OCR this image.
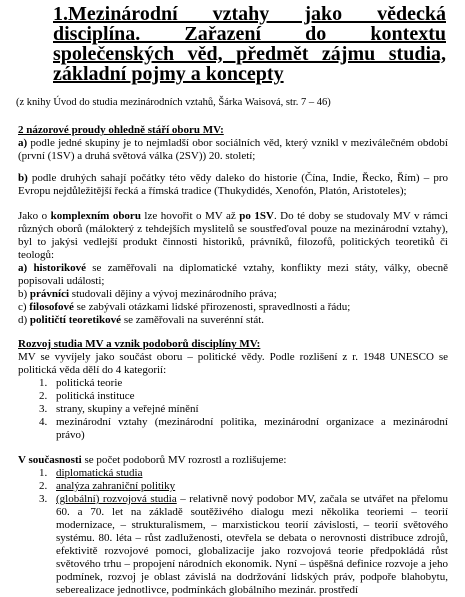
1.Mezinárodní vztahy jako vědecká disciplína. Zařazení do kontextu společenských věd, předmět zájmu studia, základní pojmy a koncepty
(z knihy Úvod do studia mezinárodních vztahů, Šárka Waisová, str. 7 – 46)

2 názorové proudy ohledně stáří oboru MV:

a) podle jedné skupiny je to nejmladší obor sociálních věd, který vznikl v meziválečném období (první (1SV) a druhá světová válka (2SV)) 20. století;

b) podle druhých sahají počátky této vědy daleko do historie (Čína, Indie, Řecko, Řím) – pro Evropu nejdůležitější řecká a římská tradice (Thukydidés, Xenofón, Platón, Aristoteles);

Jako o komplexním oboru lze hovořit o MV až po 1SV. Do té doby se studovaly MV v rámci různých oborů (málokterý z tehdejších myslitelů se soustřeďoval pouze na mezinárodní vztahy), byl to jakýsi vedlejší produkt činnosti historiků, právníků, filozofů, politických teoretiků či teologů:

a) historikové se zaměřovali na diplomatické vztahy, konflikty mezi státy, války, obecně popisovali události;

b) právníci studovali dějiny a vývoj mezinárodního práva;

c) filosofové se zabývali otázkami lidské přirozenosti, spravedlnosti a řádu;

d) političtí teoretikové se zaměřovali na suverénní stát.

Rozvoj studia MV a vznik podoborů disciplíny MV:

MV se vyvíjely jako součást oboru – politické vědy. Podle rozlišení z r. 1948 UNESCO se politická věda dělí do 4 kategorií:

1. politická teorie
2. politická instituce
3. strany, skupiny a veřejné mínění
4. mezinárodní vztahy (mezinárodní politika, mezinárodní organizace a mezinárodní právo)

V současnosti se počet podoborů MV rozrostl a rozlišujeme:

1. diplomatická studia
2. analýza zahraniční politiky
3. (globální) rozvojová studia – relativně nový podobor MV, začala se utvářet na přelomu 60. a 70. let na základě soutěživého dialogu mezi několika teoriemi – teorií modernizace, – strukturalismem, – marxistickou teorií závislosti, – teorií světového systému. 80. léta – růst zadluženosti, otevřela se debata o nerovnosti distribuce zdrojů, efektivitě rozvojové pomoci, globalizacije jako rozvojová teorie předpokládá růst světového trhu – propojení národních ekonomik. Nyní – úspěšná definice rozvoje a jeho podmínek, rozvoj je oblast závislá na dodržování lidských práv, podpoře blahobytu, seberealizace jednotlivce, podmínkách globálního mezinár. prostředí
